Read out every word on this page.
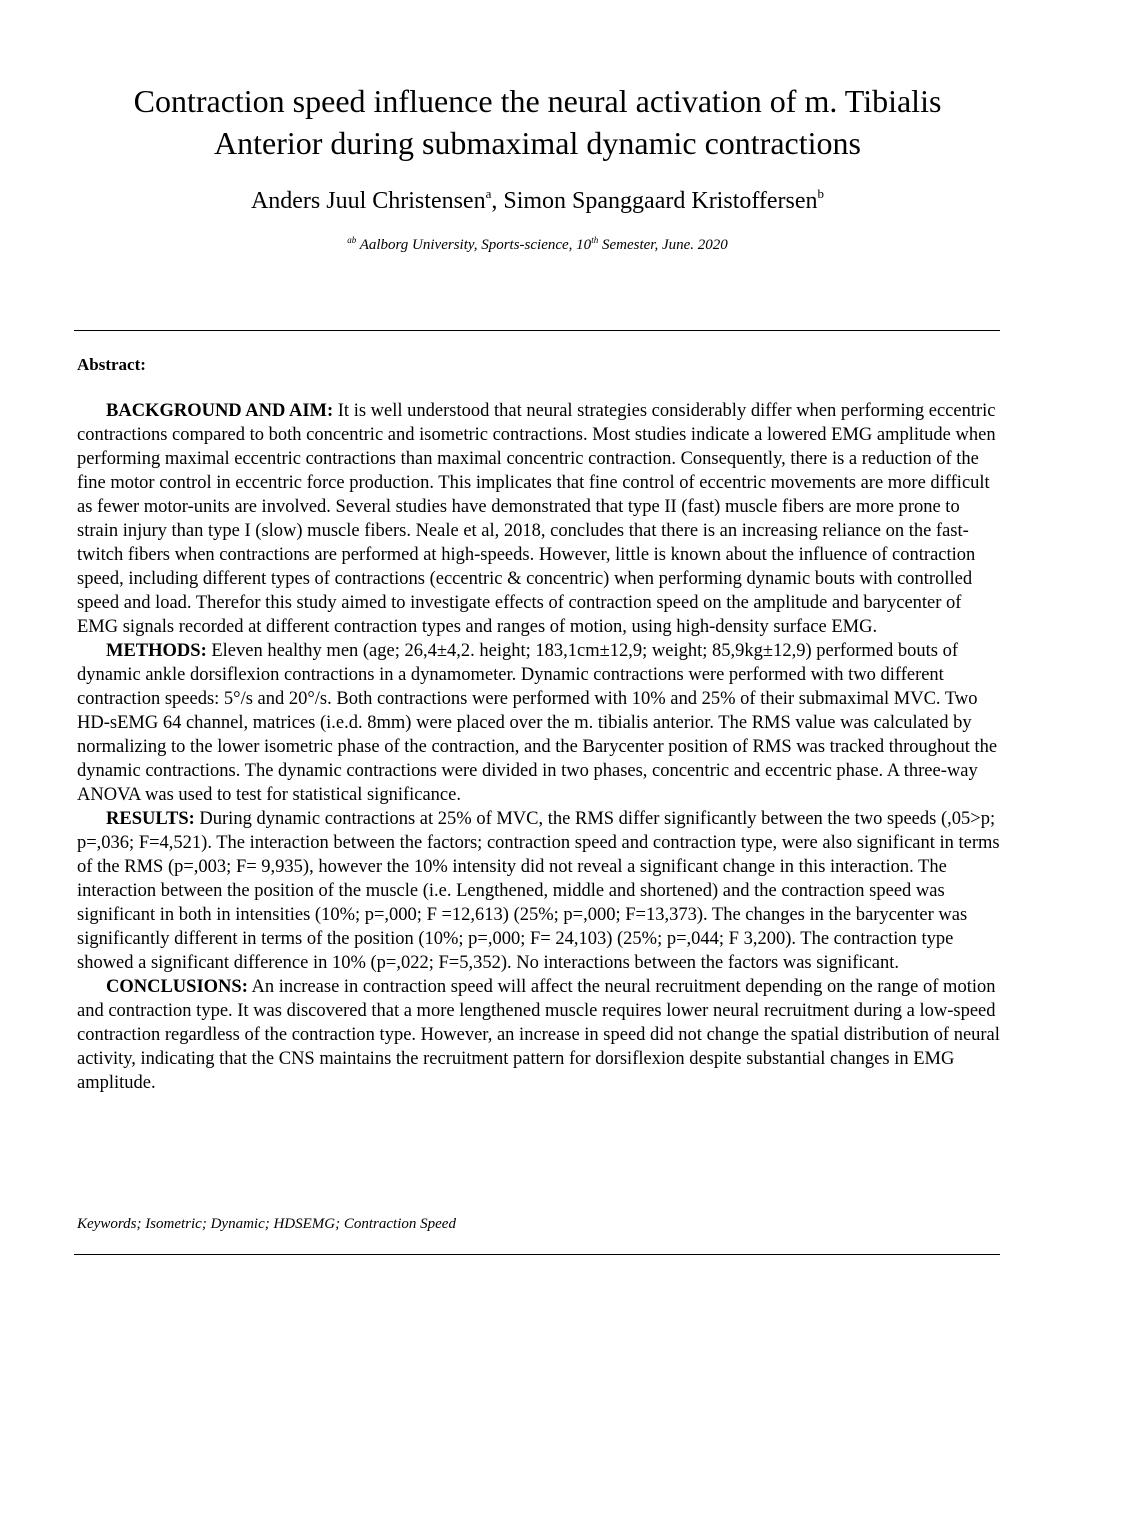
Contraction speed influence the neural activation of m. Tibialis
Anterior during submaximal dynamic contractions
Anders Juul Christensen$^a$, Simon Spanggaard Kristoffersen$^b$
$^{ab}$ Aalborg University, Sports-science, 10th Semester, June. 2020
Abstract:

BACKGROUND AND AIM: It is well understood that neural strategies considerably differ when performing eccentric contractions compared to both concentric and isometric contractions. Most studies indicate a lowered EMG amplitude when performing maximal eccentric contractions than maximal concentric contraction. Consequently, there is a reduction of the fine motor control in eccentric force production. This implicates that fine control of eccentric movements are more difficult as fewer motor-units are involved. Several studies have demonstrated that type II (fast) muscle fibers are more prone to strain injury than type I (slow) muscle fibers. Neale et al, 2018, concludes that there is an increasing reliance on the fast-twitch fibers when contractions are performed at high-speeds. However, little is known about the influence of contraction speed, including different types of contractions (eccentric & concentric) when performing dynamic bouts with controlled speed and load. Therefor this study aimed to investigate effects of contraction speed on the amplitude and barycenter of EMG signals recorded at different contraction types and ranges of motion, using high-density surface EMG.

METHODS: Eleven healthy men (age; 26,4±4,2. height; 183,1cm±12,9; weight; 85,9kg±12,9) performed bouts of dynamic ankle dorsiflexion contractions in a dynamometer. Dynamic contractions were performed with two different contraction speeds: 5°/s and 20°/s. Both contractions were performed with 10% and 25% of their submaximal MVC. Two HD-sEMG 64 channel, matrices (i.e.d. 8mm) were placed over the m. tibialis anterior. The RMS value was calculated by normalizing to the lower isometric phase of the contraction, and the Barycenter position of RMS was tracked throughout the dynamic contractions. The dynamic contractions were divided in two phases, concentric and eccentric phase. A three-way ANOVA was used to test for statistical significance.

RESULTS: During dynamic contractions at 25% of MVC, the RMS differ significantly between the two speeds (,05>p; p=,036; F=4,521). The interaction between the factors; contraction speed and contraction type, were also significant in terms of the RMS (p=,003; F= 9,935), however the 10% intensity did not reveal a significant change in this interaction. The interaction between the position of the muscle (i.e. Lengthened, middle and shortened) and the contraction speed was significant in both in intensities (10%; p=,000; F =12,613) (25%; p=,000; F=13,373). The changes in the barycenter was significantly different in terms of the position (10%; p=,000; F= 24,103) (25%; p=,044; F 3,200). The contraction type showed a significant difference in 10% (p=,022; F=5,352). No interactions between the factors was significant.

CONCLUSIONS: An increase in contraction speed will affect the neural recruitment depending on the range of motion and contraction type. It was discovered that a more lengthened muscle requires lower neural recruitment during a low-speed contraction regardless of the contraction type. However, an increase in speed did not change the spatial distribution of neural activity, indicating that the CNS maintains the recruitment pattern for dorsiflexion despite substantial changes in EMG amplitude.

Keywords; Isometric; Dynamic; HDSEMG; Contraction Speed
